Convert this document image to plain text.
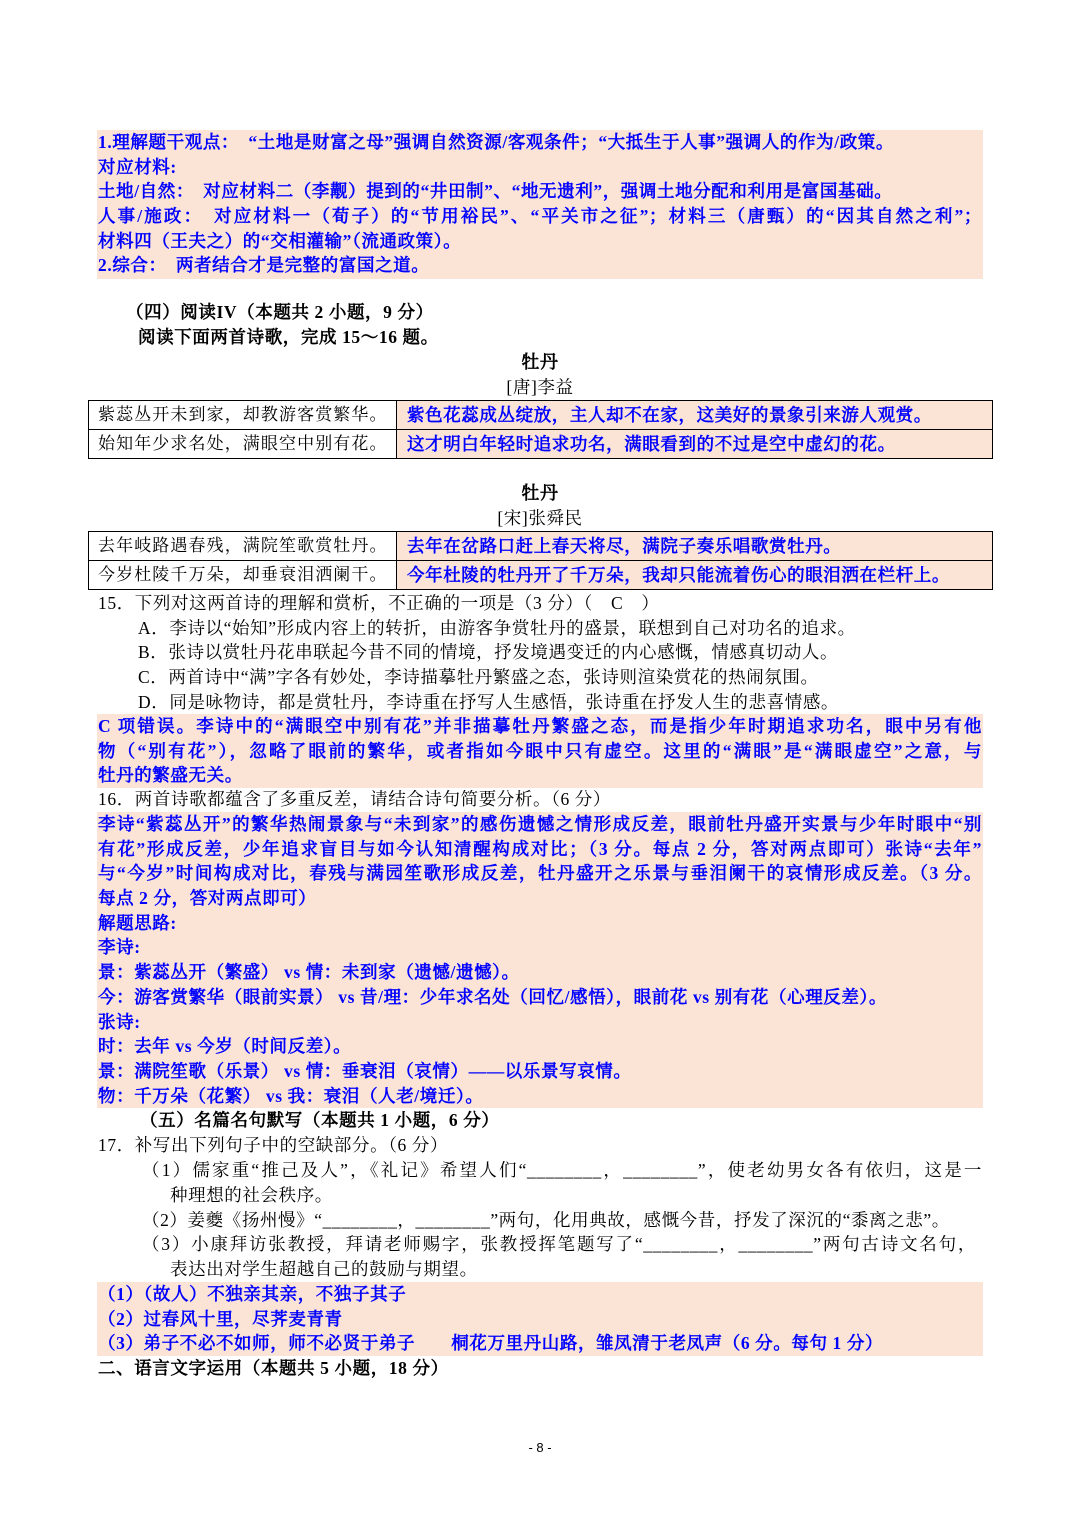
1.理解题干观点：　“土地是财富之母”强调自然资源/客观条件；“大抵生于人事”强调人的作为/政策。
对应材料:
土地/自然：　对应材料二（李觏）提到的“井田制”、“地无遗利”，强调土地分配和利用是富国基础。
人事/施政：　对应材料一（荀子）的“节用裕民”、“平关市之征”；材料三（唐甄）的“因其自然之利”；
材料四（王夫之）的“交相灌输”（流通政策）。
2.综合：　两者结合才是完整的富国之道。
（四）阅读IV（本题共 2 小题，9 分）
阅读下面两首诗歌，完成 15～16 题。
牡丹
[唐]李益
紫蕊丛开未到家，却教游客赏繁华。	紫色花蕊成丛绽放，主人却不在家，这美好的景象引来游人观赏。
始知年少求名处，满眼空中别有花。	这才明白年轻时追求功名，满眼看到的不过是空中虚幻的花。
牡丹
[宋]张舜民
去年岐路遇春残，满院笙歌赏牡丹。	去年在岔路口赶上春天将尽，满院子奏乐唱歌赏牡丹。
今岁杜陵千万朵，却垂衰泪洒阑干。	今年杜陵的牡丹开了千万朵，我却只能流着伤心的眼泪洒在栏杆上。
15．下列对这两首诗的理解和赏析，不正确的一项是（3 分）（　C　）
A．李诗以“始知”形成内容上的转折，由游客争赏牡丹的盛景，联想到自己对功名的追求。
B．张诗以赏牡丹花串联起今昔不同的情境，抒发境遇变迁的内心感慨，情感真切动人。
C．两首诗中“满”字各有妙处，李诗描摹牡丹繁盛之态，张诗则渲染赏花的热闹氛围。
D．同是咏物诗，都是赏牡丹，李诗重在抒写人生感悟，张诗重在抒发人生的悲喜情感。
C 项错误。李诗中的“满眼空中别有花”并非描摹牡丹繁盛之态，而是指少年时期追求功名，眼中另有他
物（“别有花”），忽略了眼前的繁华，或者指如今眼中只有虚空。这里的“满眼”是“满眼虚空”之意，与
牡丹的繁盛无关。
16．两首诗歌都蕴含了多重反差，请结合诗句简要分析。（6 分）
李诗“紫蕊丛开”的繁华热闹景象与“未到家”的感伤遗憾之情形成反差，眼前牡丹盛开实景与少年时眼中“别
有花”形成反差，少年追求盲目与如今认知清醒构成对比；（3 分。每点 2 分，答对两点即可）张诗“去年”
与“今岁”时间构成对比，春残与满园笙歌形成反差，牡丹盛开之乐景与垂泪阑干的哀情形成反差。（3 分。
每点 2 分，答对两点即可）
解题思路:
李诗:
景：紫蕊丛开（繁盛） vs 情：未到家（遗憾/遗憾）。
今：游客赏繁华（眼前实景） vs 昔/理：少年求名处（回忆/感悟），眼前花 vs 别有花（心理反差）。
张诗:
时：去年 vs 今岁（时间反差）。
景：满院笙歌（乐景） vs 情：垂衰泪（哀情）——以乐景写哀情。
物：千万朵（花繁） vs 我：衰泪（人老/境迁）。
（五）名篇名句默写（本题共 1 小题，6 分）
17．补写出下列句子中的空缺部分。（6 分）
（1）儒家重“推己及人”，《礼记》希望人们“________，________”，使老幼男女各有依归，这是一
种理想的社会秩序。
（2）姜夔《扬州慢》“________，________”两句，化用典故，感慨今昔，抒发了深沉的“黍离之悲”。
（3）小康拜访张教授，拜请老师赐字，张教授挥笔题写了“________，________”两句古诗文名句，
表达出对学生超越自己的鼓励与期望。
（1）（故人）不独亲其亲，不独子其子
（2）过春风十里，尽荠麦青青
（3）弟子不必不如师，师不必贤于弟子　　桐花万里丹山路，雏凤清于老凤声（6 分。每句 1 分）
二、语言文字运用（本题共 5 小题，18 分）
- 8 -
